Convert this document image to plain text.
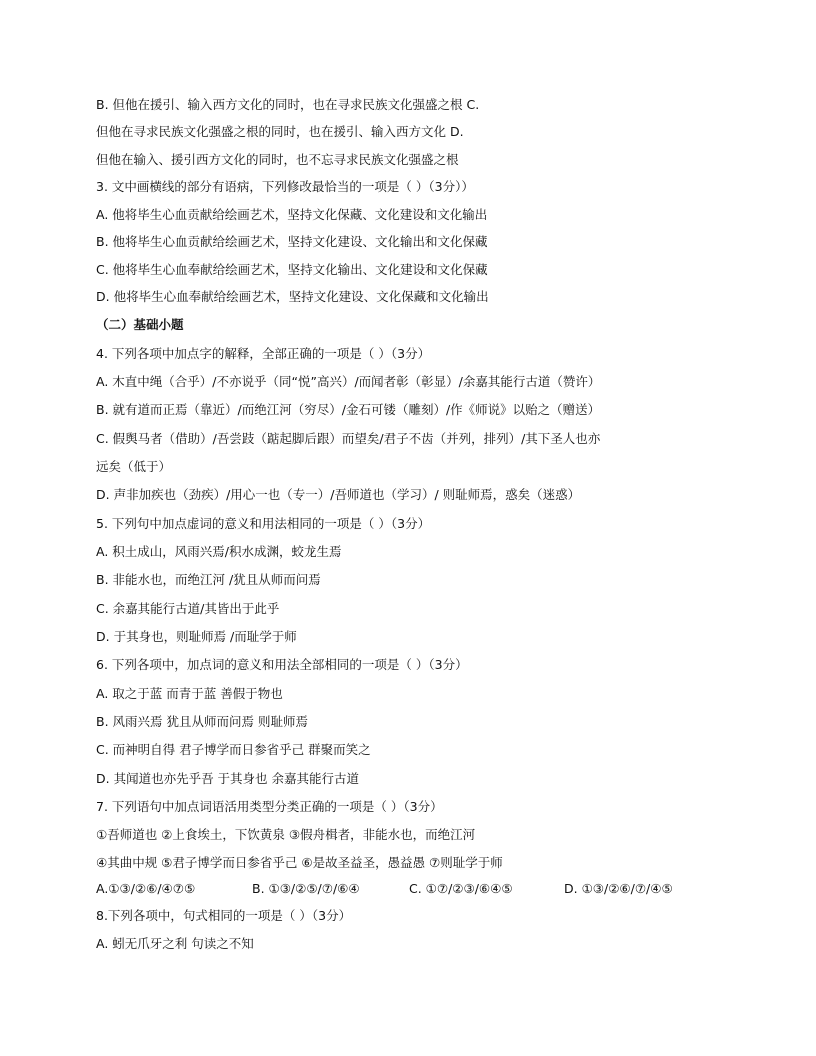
B. 但他在援引、输入西方文化的同时，也在寻求民族文化强盛之根 C.
但他在寻求民族文化强盛之根的同时，也在援引、输入西方文化 D.
但他在输入、援引西方文化的同时，也不忘寻求民族文化强盛之根
3. 文中画横线的部分有语病，下列修改最恰当的一项是（ ）（3分））
A. 他将毕生心血贡献给绘画艺术，坚持文化保藏、文化建设和文化输出
B. 他将毕生心血贡献给绘画艺术，坚持文化建设、文化输出和文化保藏
C. 他将毕生心血奉献给绘画艺术，坚持文化输出、文化建设和文化保藏
D. 他将毕生心血奉献给绘画艺术，坚持文化建设、文化保藏和文化输出
（二）基础小题
4. 下列各项中加点字的解释，全部正确的一项是（ ）（3分）
A. 木直中绳（合乎）/不亦说乎（同“悦”高兴）/而闻者彰（彰显）/余嘉其能行古道（赞许）
B. 就有道而正焉（靠近）/而绝江河（穷尽）/金石可镂（雕刻）/作《师说》以贻之（赠送）
C. 假舆马者（借助）/吾尝跂（踮起脚后跟）而望矣/君子不齿（并列，排列）/其下圣人也亦
远矣（低于）
D. 声非加疾也（劲疾）/用心一也（专一）/吾师道也（学习）/ 则耻师焉，惑矣（迷惑）
5. 下列句中加点虚词的意义和用法相同的一项是（ ）（3分）
A. 积土成山，风雨兴焉/积水成渊，蛟龙生焉
B. 非能水也，而绝江河 /犹且从师而问焉
C. 余嘉其能行古道/其皆出于此乎
D. 于其身也，则耻师焉 /而耻学于师
6. 下列各项中，加点词的意义和用法全部相同的一项是（ ）（3分）
A. 取之于蓝 而青于蓝 善假于物也
B. 风雨兴焉 犹且从师而问焉 则耻师焉
C. 而神明自得 君子博学而日参省乎己 群聚而笑之
D. 其闻道也亦先乎吾 于其身也 余嘉其能行古道
7. 下列语句中加点词语活用类型分类正确的一项是（ ）（3分）
①吾师道也 ②上食埃土，下饮黄泉 ③假舟楫者，非能水也，而绝江河
④其曲中规 ⑤君子博学而日参省乎己 ⑥是故圣益圣，愚益愚 ⑦则耻学于师
A.①③/②⑥/④⑦⑤	B. ①③/②⑤/⑦/⑥④	C. ①⑦/②③/⑥④⑤	D. ①③/②⑥/⑦/④⑤
8.下列各项中，句式相同的一项是（ ）（3分）
A. 蚓无爪牙之利 句读之不知
